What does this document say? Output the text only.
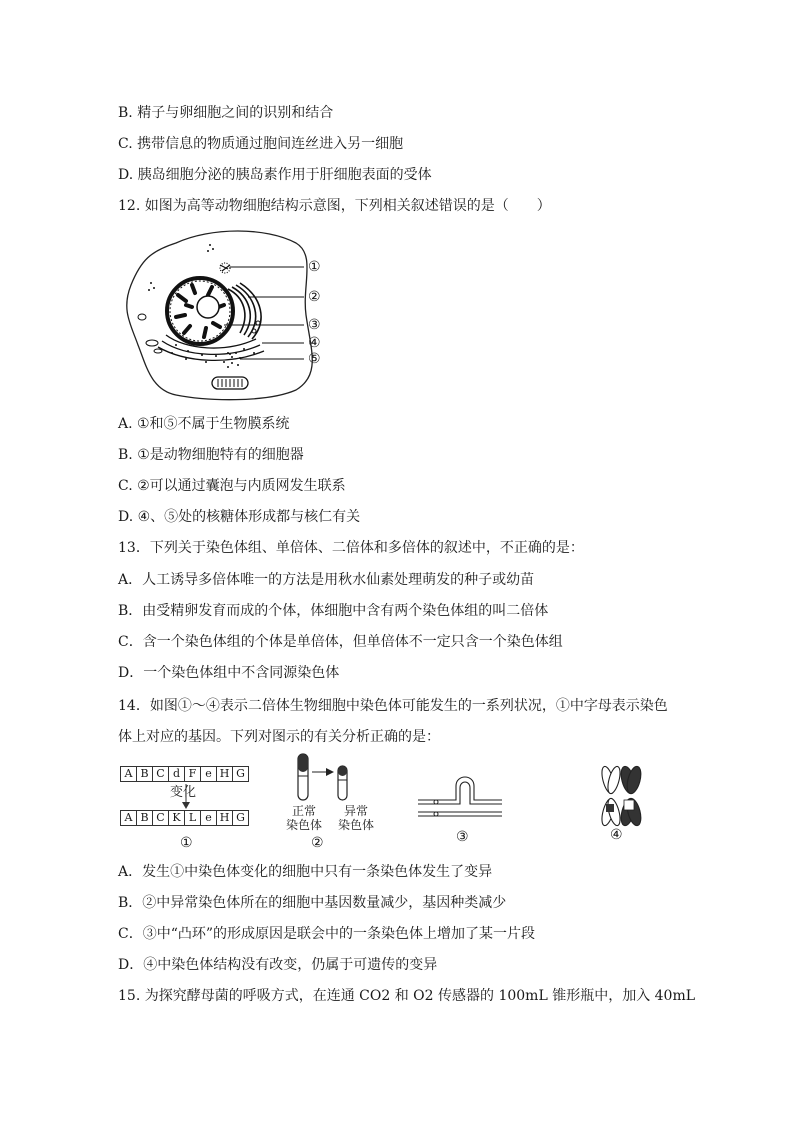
B. 精子与卵细胞之间的识别和结合
C. 携带信息的物质通过胞间连丝进入另一细胞
D. 胰岛细胞分泌的胰岛素作用于肝细胞表面的受体
12. 如图为高等动物细胞结构示意图，下列相关叙述错误的是（　　）
①
②
③
④
⑤
A. ①和⑤不属于生物膜系统
B. ①是动物细胞特有的细胞器
C. ②可以通过囊泡与内质网发生联系
D. ④、⑤处的核糖体形成都与核仁有关
13．下列关于染色体组、单倍体、二倍体和多倍体的叙述中，不正确的是：
A．人工诱导多倍体唯一的方法是用秋水仙素处理萌发的种子或幼苗
B．由受精卵发育而成的个体，体细胞中含有两个染色体组的叫二倍体
C．含一个染色体组的个体是单倍体，但单倍体不一定只含一个染色体组
D．一个染色体组中不含同源染色体
14．如图①～④表示二倍体生物细胞中染色体可能发生的一系列状况，①中字母表示染色
体上对应的基因。下列对图示的有关分析正确的是：
A B C d F e H G
变化
A B C K L e H G
①
正常
染色体
异常
染色体
②	③	④
A．发生①中染色体变化的细胞中只有一条染色体发生了变异
B．②中异常染色体所在的细胞中基因数量减少，基因种类减少
C．③中“凸环”的形成原因是联会中的一条染色体上增加了某一片段
D．④中染色体结构没有改变，仍属于可遗传的变异
15. 为探究酵母菌的呼吸方式，在连通 CO2 和 O2 传感器的 100mL 锥形瓶中，加入 40mL
